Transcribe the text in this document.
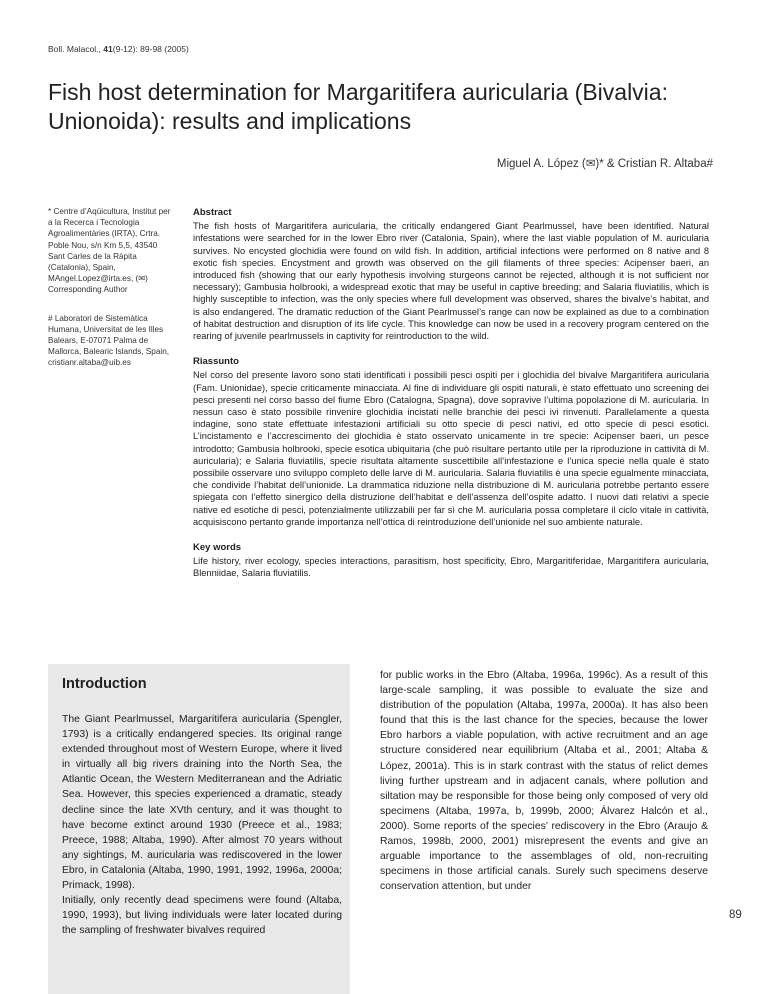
Boll. Malacol., 41(9-12): 89-98 (2005)
Fish host determination for Margaritifera auricularia (Bivalvia: Unionoida): results and implications
Miguel A. López (✉)* & Cristian R. Altaba#

* Centre d’Aqüicultura, Institut per a la Recerca i Tecnologia Agroalimentàries (IRTA), Crtra. Poble Nou, s/n Km 5,5, 43540 Sant Carles de la Ràpita (Catalonia), Spain, MAngel.Lopez@irta.es, (✉) Corresponding Author

# Laboratori de Sistemàtica Humana, Universitat de les Illes Balears, E-07071 Palma de Mallorca, Balearic Islands, Spain, cristianr.altaba@uib.es

Abstract

The fish hosts of Margaritifera auricularia, the critically endangered Giant Pearlmussel, have been identified. Natural infestations were searched for in the lower Ebro river (Catalonia, Spain), where the last viable population of M. auricularia survives. No encysted glochidia were found on wild fish. In addition, artificial infections were performed on 8 native and 8 exotic fish species. Encystment and growth was observed on the gill filaments of three species: Acipenser baeri, an introduced fish (showing that our early hypothesis involving sturgeons cannot be rejected, although it is not sufficient nor necessary); Gambusia holbrooki, a widespread exotic that may be useful in captive breeding; and Salaria fluviatilis, which is highly susceptible to infection, was the only species where full development was observed, shares the bivalve’s habitat, and is also endangered. The dramatic reduction of the Giant Pearlmussel’s range can now be explained as due to a combination of habitat destruction and disruption of its life cycle. This knowledge can now be used in a recovery program centered on the rearing of juvenile pearlmussels in captivity for reintroduction to the wild.

Riassunto

Nel corso del presente lavoro sono stati identificati i possibili pesci ospiti per i glochidia del bivalve Margaritifera auricularia (Fam. Unionidae), specie criticamente minacciata. Al fine di individuare gli ospiti naturali, è stato effettuato uno screening dei pesci presenti nel corso basso del fiume Ebro (Catalogna, Spagna), dove sopravive l’ultima popolazione di M. auricularia. In nessun caso è stato possibile rinvenire glochidia incistati nelle branchie dei pesci ivi rinvenuti. Parallelamente a questa indagine, sono state effettuate infestazioni artificiali su otto specie di pesci nativi, ed otto specie di pesci esotici. L’incistamento e l’accrescimento dei glochidia è stato osservato unicamente in tre specie: Acipenser baeri, un pesce introdotto; Gambusia holbrooki, specie esotica ubiquitaria (che può risultare pertanto utile per la riproduzione in cattività di M. auricularia); e Salaria fluviatilis, specie risultata altamente suscettibile all’infestazione e l’unica specie nella quale è stato possibile osservare uno sviluppo completo delle larve di M. auricularia. Salaria fluviatilis è una specie egualmente minacciata, che condivide l’habitat dell’unionide. La drammatica riduzione nella distribuzione di M. auricularia potrebbe pertanto essere spiegata con l’effetto sinergico della distruzione dell’habitat e dell’assenza dell’ospite adatto. I nuovi dati relativi a specie native ed esotiche di pesci, potenzialmente utilizzabili per far sì che M. auricularia possa completare il ciclo vitale in cattività, acquisiscono pertanto grande importanza nell’ottica di reintroduzione dell’unionide nel suo ambiente naturale.

Key words

Life history, river ecology, species interactions, parasitism, host specificity, Ebro, Margaritiferidae, Margaritifera auricularia, Blenniidae, Salaria fluviatilis.

Introduction

The Giant Pearlmussel, Margaritifera auricularia (Spengler, 1793) is a critically endangered species. Its original range extended throughout most of Western Europe, where it lived in virtually all big rivers draining into the North Sea, the Atlantic Ocean, the Western Mediterranean and the Adriatic Sea. However, this species experienced a dramatic, steady decline since the late XVth century, and it was thought to have become extinct around 1930 (Preece et al., 1983; Preece, 1988; Altaba, 1990). After almost 70 years without any sightings, M. auricularia was rediscovered in the lower Ebro, in Catalonia (Altaba, 1990, 1991, 1992, 1996a, 2000a; Primack, 1998).

Initially, only recently dead specimens were found (Altaba, 1990, 1993), but living individuals were later located during the sampling of freshwater bivalves required

for public works in the Ebro (Altaba, 1996a, 1996c). As a result of this large-scale sampling, it was possible to evaluate the size and distribution of the population (Altaba, 1997a, 2000a). It has also been found that this is the last chance for the species, because the lower Ebro harbors a viable population, with active recruitment and an age structure considered near equilibrium (Altaba et al., 2001; Altaba & López, 2001a). This is in stark contrast with the status of relict demes living further upstream and in adjacent canals, where pollution and siltation may be responsible for those being only composed of very old specimens (Altaba, 1997a, b, 1999b, 2000; Álvarez Halcón et al., 2000). Some reports of the species’ rediscovery in the Ebro (Araujo & Ramos, 1998b, 2000, 2001) misrepresent the events and give an arguable importance to the assemblages of old, non-recruiting specimens in those artificial canals. Surely such specimens deserve conservation attention, but under

89
